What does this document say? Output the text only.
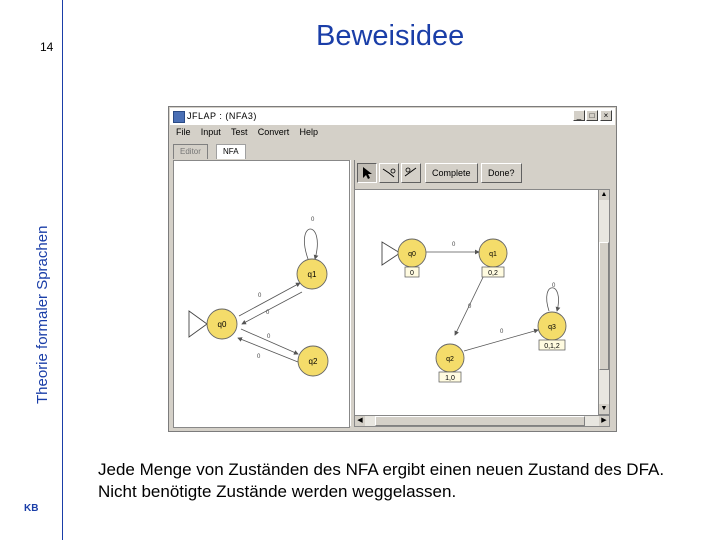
14
Theorie formaler Sprachen
Beweisidee
KB
Jede Menge von Zuständen des NFA ergibt einen neuen Zustand des DFA. Nicht benötigte Zustände werden weggelassen.
JFLAP : (NFA3)	_	□	×
File Input Test Convert Help
Editor	NFA
0
0
0
0
0
q0
q1
q2
Complete	Done?
0
0
0
0
q0
0
q1
0,2
q2
1,0
q3
0,1,2
▲
▼
◀	▶
